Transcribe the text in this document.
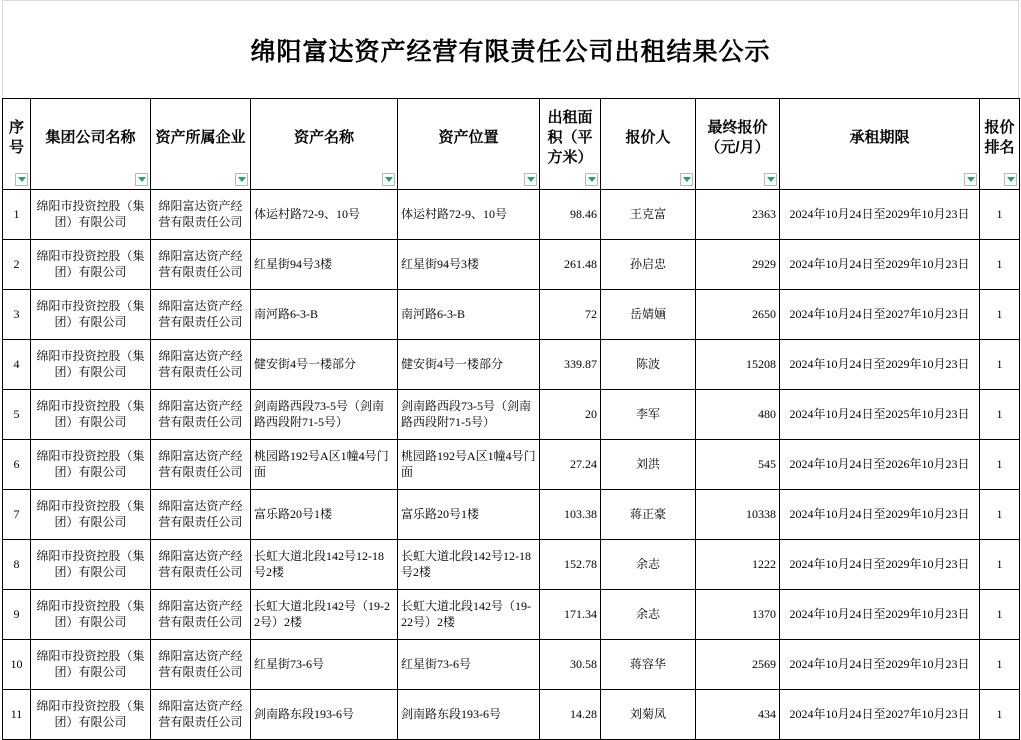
绵阳富达资产经营有限责任公司出租结果公示
序号	集团公司名称	资产所属企业	资产名称	资产位置	出租面积（平方米）	报价人	最终报价（元/月）	承租期限	报价排名

1	绵阳市投资控股（集团）有限公司	绵阳富达资产经营有限责任公司	体运村路72-9、10号	体运村路72-9、10号	98.46	王克富	2363	2024年10月24日至2029年10月23日	1
2	绵阳市投资控股（集团）有限公司	绵阳富达资产经营有限责任公司	红星街94号3楼	红星街94号3楼	261.48	孙启忠	2929	2024年10月24日至2029年10月23日	1
3	绵阳市投资控股（集团）有限公司	绵阳富达资产经营有限责任公司	南河路6-3-B	南河路6-3-B	72	岳婧婳	2650	2024年10月24日至2027年10月23日	1
4	绵阳市投资控股（集团）有限公司	绵阳富达资产经营有限责任公司	健安街4号一楼部分	健安街4号一楼部分	339.87	陈波	15208	2024年10月24日至2029年10月23日	1
5	绵阳市投资控股（集团）有限公司	绵阳富达资产经营有限责任公司	剑南路西段73-5号（剑南路西段附71-5号）	剑南路西段73-5号（剑南路西段附71-5号）	20	李军	480	2024年10月24日至2025年10月23日	1
6	绵阳市投资控股（集团）有限公司	绵阳富达资产经营有限责任公司	桃园路192号A区1幢4号门面	桃园路192号A区1幢4号门面	27.24	刘洪	545	2024年10月24日至2026年10月23日	1
7	绵阳市投资控股（集团）有限公司	绵阳富达资产经营有限责任公司	富乐路20号1楼	富乐路20号1楼	103.38	蒋正豪	10338	2024年10月24日至2029年10月23日	1
8	绵阳市投资控股（集团）有限公司	绵阳富达资产经营有限责任公司	长虹大道北段142号12-18号2楼	长虹大道北段142号12-18号2楼	152.78	余志	1222	2024年10月24日至2029年10月23日	1
9	绵阳市投资控股（集团）有限公司	绵阳富达资产经营有限责任公司	长虹大道北段142号（19-22号）2楼	长虹大道北段142号（19-22号）2楼	171.34	余志	1370	2024年10月24日至2029年10月23日	1
10	绵阳市投资控股（集团）有限公司	绵阳富达资产经营有限责任公司	红星街73-6号	红星街73-6号	30.58	蒋容华	2569	2024年10月24日至2029年10月23日	1
11	绵阳市投资控股（集团）有限公司	绵阳富达资产经营有限责任公司	剑南路东段193-6号	剑南路东段193-6号	14.28	刘菊凤	434	2024年10月24日至2027年10月23日	1
